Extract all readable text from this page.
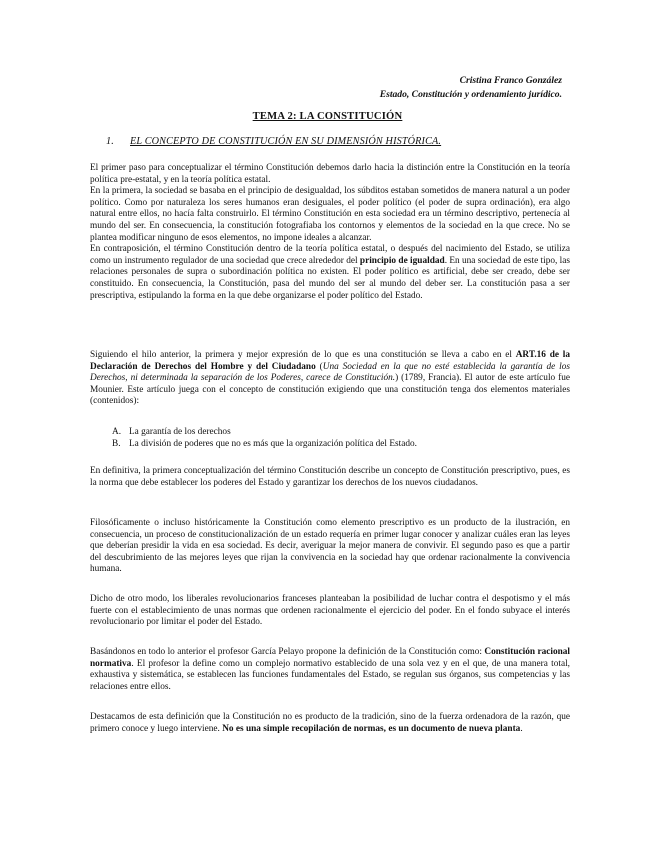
Cristina Franco González
Estado, Constitución y ordenamiento jurídico.
TEMA 2: LA CONSTITUCIÓN
1. EL CONCEPTO DE CONSTITUCIÓN EN SU DIMENSIÓN HISTÓRICA.
El primer paso para conceptualizar el término Constitución debemos darlo hacia la distinción entre la Constitución en la teoría política pre-estatal, y en la teoría política estatal.
En la primera, la sociedad se basaba en el principio de desigualdad, los súbditos estaban sometidos de manera natural a un poder político. Como por naturaleza los seres humanos eran desiguales, el poder político (el poder de supra ordinación), era algo natural entre ellos, no hacía falta construirlo. El término Constitución en esta sociedad era un término descriptivo, pertenecía al mundo del ser. En consecuencia, la constitución fotografiaba los contornos y elementos de la sociedad en la que crece. No se plantea modificar ninguno de esos elementos, no impone ideales a alcanzar.
En contraposición, el término Constitución dentro de la teoría política estatal, o después del nacimiento del Estado, se utiliza como un instrumento regulador de una sociedad que crece alrededor del principio de igualdad. En una sociedad de este tipo, las relaciones personales de supra o subordinación política no existen. El poder político es artificial, debe ser creado, debe ser constituido. En consecuencia, la Constitución, pasa del mundo del ser al mundo del deber ser. La constitución pasa a ser prescriptiva, estipulando la forma en la que debe organizarse el poder político del Estado.
Siguiendo el hilo anterior, la primera y mejor expresión de lo que es una constitución se lleva a cabo en el ART.16 de la Declaración de Derechos del Hombre y del Ciudadano (Una Sociedad en la que no esté establecida la garantía de los Derechos, ni determinada la separación de los Poderes, carece de Constitución.) (1789, Francia). El autor de este artículo fue Mounier. Este artículo juega con el concepto de constitución exigiendo que una constitución tenga dos elementos materiales (contenidos):
A. La garantía de los derechos
B. La división de poderes que no es más que la organización política del Estado.
En definitiva, la primera conceptualización del término Constitución describe un concepto de Constitución prescriptivo, pues, es la norma que debe establecer los poderes del Estado y garantizar los derechos de los nuevos ciudadanos.
Filosóficamente o incluso históricamente la Constitución como elemento prescriptivo es un producto de la ilustración, en consecuencia, un proceso de constitucionalización de un estado requería en primer lugar conocer y analizar cuáles eran las leyes que deberían presidir la vida en esa sociedad. Es decir, averiguar la mejor manera de convivir. El segundo paso es que a partir del descubrimiento de las mejores leyes que rijan la convivencia en la sociedad hay que ordenar racionalmente la convivencia humana.
Dicho de otro modo, los liberales revolucionarios franceses planteaban la posibilidad de luchar contra el despotismo y el más fuerte con el establecimiento de unas normas que ordenen racionalmente el ejercicio del poder. En el fondo subyace el interés revolucionario por limitar el poder del Estado.
Basándonos en todo lo anterior el profesor García Pelayo propone la definición de la Constitución como: Constitución racional normativa. El profesor la define como un complejo normativo establecido de una sola vez y en el que, de una manera total, exhaustiva y sistemática, se establecen las funciones fundamentales del Estado, se regulan sus órganos, sus competencias y las relaciones entre ellos.
Destacamos de esta definición que la Constitución no es producto de la tradición, sino de la fuerza ordenadora de la razón, que primero conoce y luego interviene. No es una simple recopilación de normas, es un documento de nueva planta.
